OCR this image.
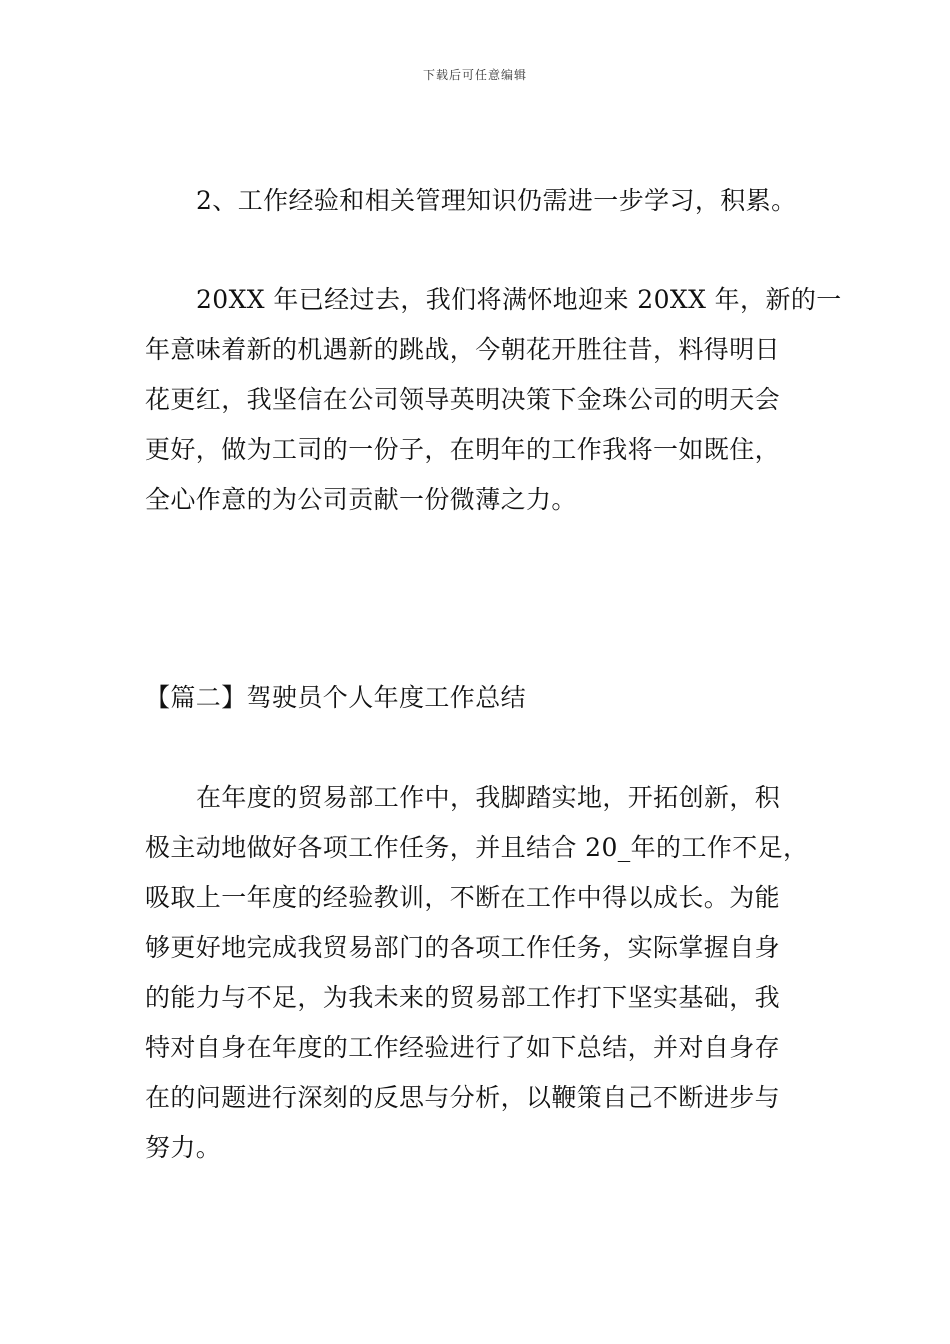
下载后可任意编辑

2、工作经验和相关管理知识仍需进一步学习，积累。

20XX 年已经过去，我们将满怀地迎来 20XX 年，新的一

年意味着新的机遇新的跳战，今朝花开胜往昔，料得明日

花更红，我坚信在公司领导英明决策下金珠公司的明天会

更好，做为工司的一份子，在明年的工作我将一如既住，

全心作意的为公司贡献一份微薄之力。

【篇二】驾驶员个人年度工作总结

在年度的贸易部工作中，我脚踏实地，开拓创新，积

极主动地做好各项工作任务，并且结合 20_年的工作不足，

吸取上一年度的经验教训，不断在工作中得以成长。为能

够更好地完成我贸易部门的各项工作任务，实际掌握自身

的能力与不足，为我未来的贸易部工作打下坚实基础，我

特对自身在年度的工作经验进行了如下总结，并对自身存

在的问题进行深刻的反思与分析，以鞭策自己不断进步与

努力。
